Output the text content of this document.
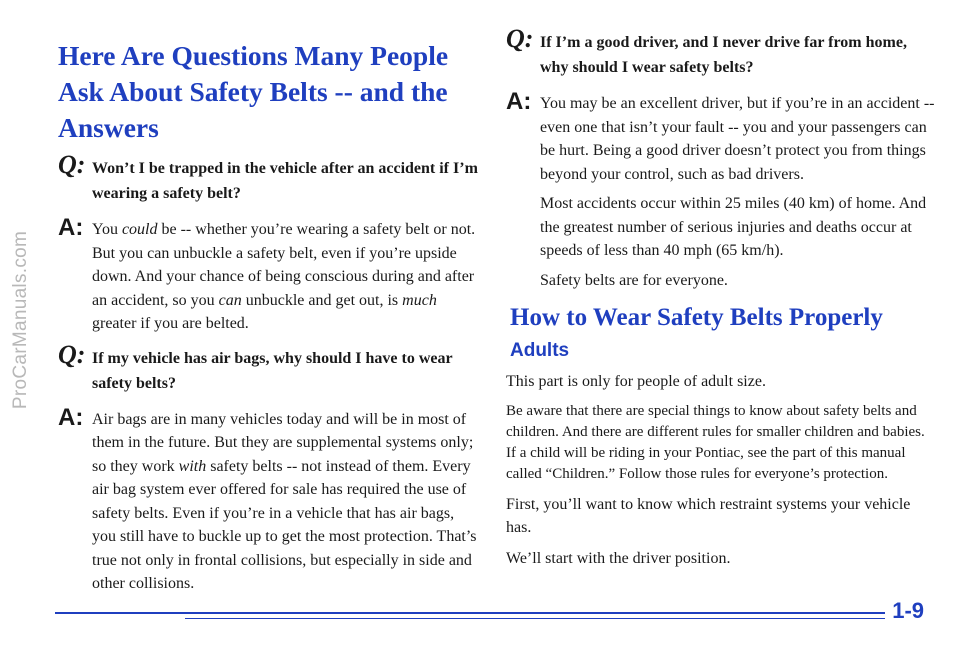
ProCarManuals.com
Here Are Questions Many People Ask About Safety Belts -- and the Answers
Q: Won’t I be trapped in the vehicle after an accident if I’m wearing a safety belt?
A: You could be -- whether you’re wearing a safety belt or not. But you can unbuckle a safety belt, even if you’re upside down. And your chance of being conscious during and after an accident, so you can unbuckle and get out, is much greater if you are belted.
Q: If my vehicle has air bags, why should I have to wear safety belts?
A: Air bags are in many vehicles today and will be in most of them in the future. But they are supplemental systems only; so they work with safety belts -- not instead of them. Every air bag system ever offered for sale has required the use of safety belts. Even if you’re in a vehicle that has air bags, you still have to buckle up to get the most protection. That’s true not only in frontal collisions, but especially in side and other collisions.
Q: If I’m a good driver, and I never drive far from home, why should I wear safety belts?
A: You may be an excellent driver, but if you’re in an accident -- even one that isn’t your fault -- you and your passengers can be hurt. Being a good driver doesn’t protect you from things beyond your control, such as bad drivers.

Most accidents occur within 25 miles (40 km) of home. And the greatest number of serious injuries and deaths occur at speeds of less than 40 mph (65 km/h).

Safety belts are for everyone.

How to Wear Safety Belts Properly
Adults

This part is only for people of adult size.

Be aware that there are special things to know about safety belts and children. And there are different rules for smaller children and babies. If a child will be riding in your Pontiac, see the part of this manual called “Children.” Follow those rules for everyone’s protection.

First, you’ll want to know which restraint systems your vehicle has.

We’ll start with the driver position.

1-9
